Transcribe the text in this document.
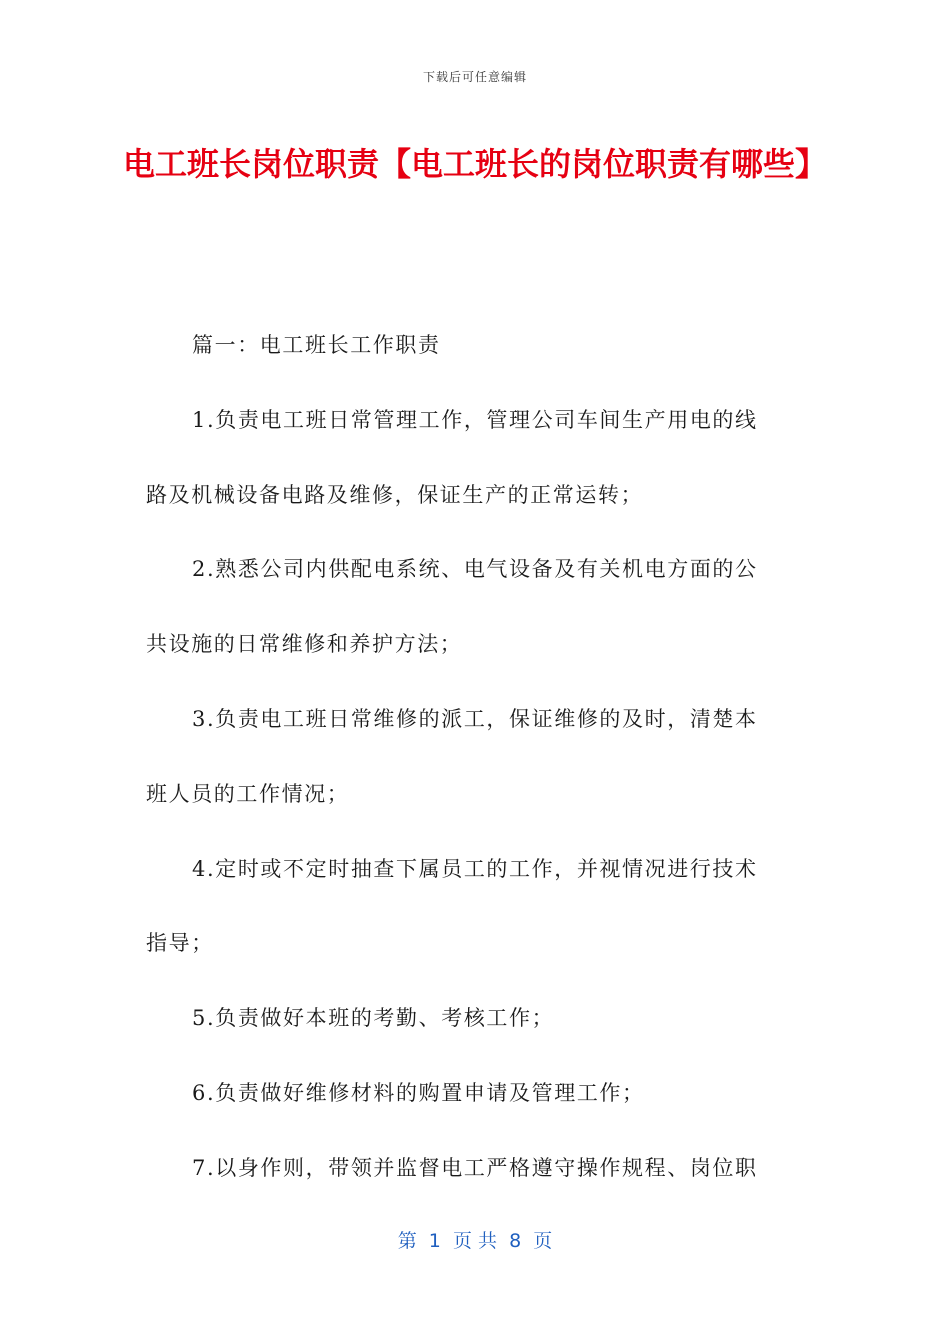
下载后可任意编辑
电工班长岗位职责【电工班长的岗位职责有哪些】
篇一：电工班长工作职责
1.负责电工班日常管理工作，管理公司车间生产用电的线
路及机械设备电路及维修，保证生产的正常运转；
2.熟悉公司内供配电系统、电气设备及有关机电方面的公
共设施的日常维修和养护方法；
3.负责电工班日常维修的派工，保证维修的及时，清楚本
班人员的工作情况；
4.定时或不定时抽查下属员工的工作，并视情况进行技术
指导；
5.负责做好本班的考勤、考核工作；
6.负责做好维修材料的购置申请及管理工作；
7.以身作则，带领并监督电工严格遵守操作规程、岗位职
第  1  页 共  8  页
